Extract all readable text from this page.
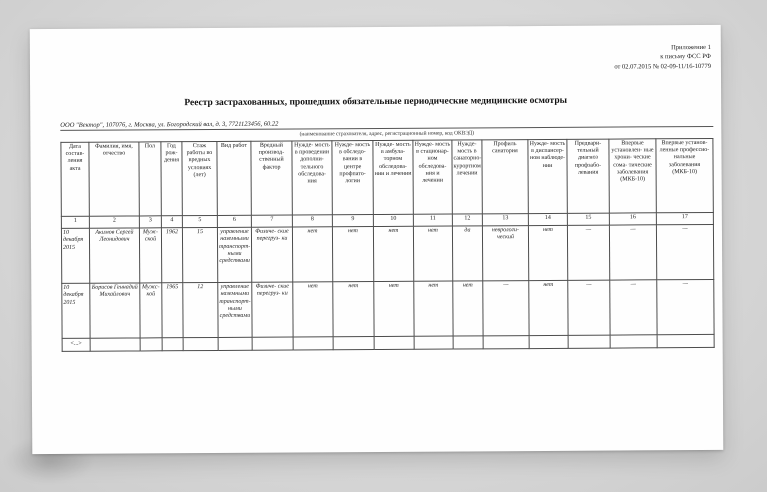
Приложение 1
к письму ФСС РФ
от 02.07.2015 № 02-09-11/16-10779
Реестр застрахованных, прошедших обязательные периодические медицинские осмотры
ООО "Вектор", 107076, г. Москва, ул. Богородский вал, д. 3, 7721123456, 60.22
(наименование страхователя, адрес, регистрационный номер, код ОКВЭД)
Дата состав- ления акта	Фамилия, имя, отчество	Пол	Год рож- дения	Стаж работы во вредных условиях (лет)	Вид работ	Вредный производ- ственный фактор	Нужде- мость в проведении дополни- тельного обследова- ния	Нужде- мость в обследо- вании в центре профпато- логии	Нужде- мость в амбула- торном обследова- нии и лечении	Нужде- мость в стационар- ном обследова- ния и лечении	Нужде- мость в санаторно- курортном лечении	Профиль санатория	Нужде- мость в диспансер- ном наблюде- нии	Предвари- тельный диагноз профзабо- левания	Впервые установлен- ные хрони- ческие сома- тические заболевания (МКБ-10)	Впервые установ- ленные профессио- нальные заболевания (МКБ-10)
1	2	3	4	5	6	7	8	9	10	11	12	13	14	15	16	17
10 декабря 2015	Акимов Сергей Леонидович	Муж- ской	1962	15	управление наземными транспорт- ными средствами	Физиче- ские перегруз- ки	нет	нет	нет	нет	да	неврологи- ческий	нет	—	—	—
10 декабря 2015	Борисов Геннадий Михайлович	Мужс- кой	1965	12	управление наземными транспорт- ными средствами	Физиче- ские перегруз- ки	нет	нет	нет	нет	нет	—	нет	—	—	—
<...>																
